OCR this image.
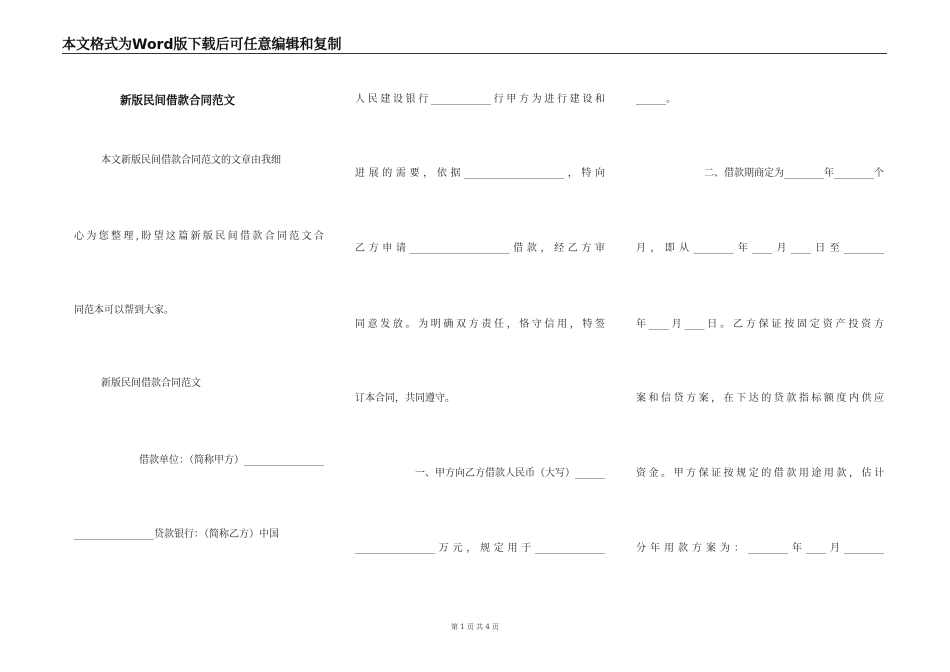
本文格式为Word版下载后可任意编辑和复制
新版民间借款合同范文
本文新版民间借款合同范文的文章由我细
心为您整理,盼望这篇新版民间借款合同范文合
同范本可以帮到大家。
新版民间借款合同范文
借款单位：（简称甲方）________________
________________贷款银行：（简称乙方）中国
人民建设银行____________行甲方为进行建设和
进展的需要，依据____________________，特向
乙方申请____________________借款，经乙方审
同意发放。为明确双方责任，恪守信用，特签
订本合同，共同遵守。
一、甲方向乙方借款人民币（大写）______
________________万元，规定用于______________
______。
二、借款期商定为________年________个
月，即从________年____月____日至________
年____月____日。乙方保证按固定资产投资方
案和信贷方案，在下达的贷款指标额度内供应
资金。甲方保证按规定的借款用途用款，估计
分年用款方案为：________年____月________
第 1 页 共 4 页
